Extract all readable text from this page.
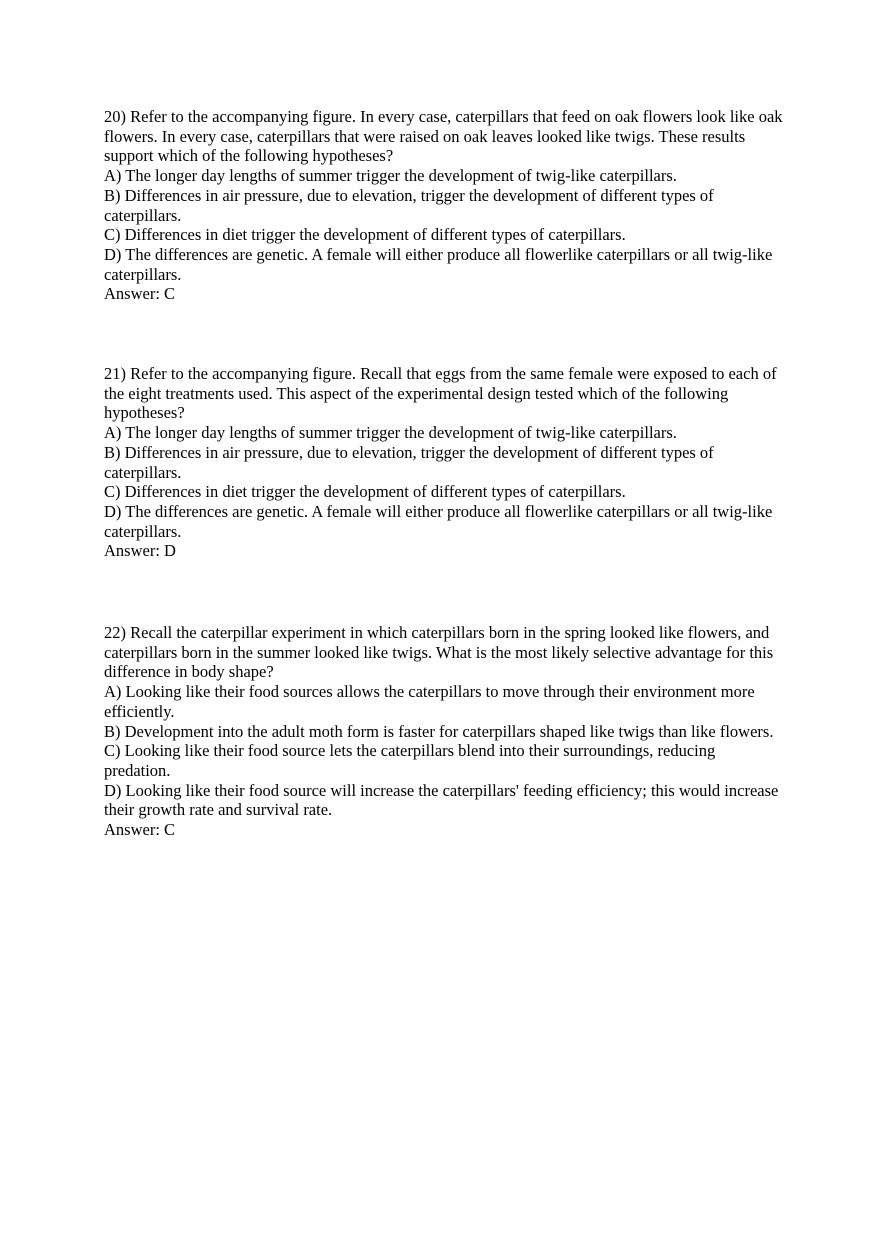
20) Refer to the accompanying figure. In every case, caterpillars that feed on oak flowers look like oak flowers. In every case, caterpillars that were raised on oak leaves looked like twigs. These results support which of the following hypotheses?
A) The longer day lengths of summer trigger the development of twig-like caterpillars.
B) Differences in air pressure, due to elevation, trigger the development of different types of caterpillars.
C) Differences in diet trigger the development of different types of caterpillars.
D) The differences are genetic. A female will either produce all flowerlike caterpillars or all twig-like caterpillars.
Answer: C
21) Refer to the accompanying figure. Recall that eggs from the same female were exposed to each of the eight treatments used. This aspect of the experimental design tested which of the following hypotheses?
A) The longer day lengths of summer trigger the development of twig-like caterpillars.
B) Differences in air pressure, due to elevation, trigger the development of different types of caterpillars.
C) Differences in diet trigger the development of different types of caterpillars.
D) The differences are genetic. A female will either produce all flowerlike caterpillars or all twig-like caterpillars.
Answer: D
22) Recall the caterpillar experiment in which caterpillars born in the spring looked like flowers, and caterpillars born in the summer looked like twigs. What is the most likely selective advantage for this difference in body shape?
A) Looking like their food sources allows the caterpillars to move through their environment more efficiently.
B) Development into the adult moth form is faster for caterpillars shaped like twigs than like flowers.
C) Looking like their food source lets the caterpillars blend into their surroundings, reducing predation.
D) Looking like their food source will increase the caterpillars' feeding efficiency; this would increase their growth rate and survival rate.
Answer: C
